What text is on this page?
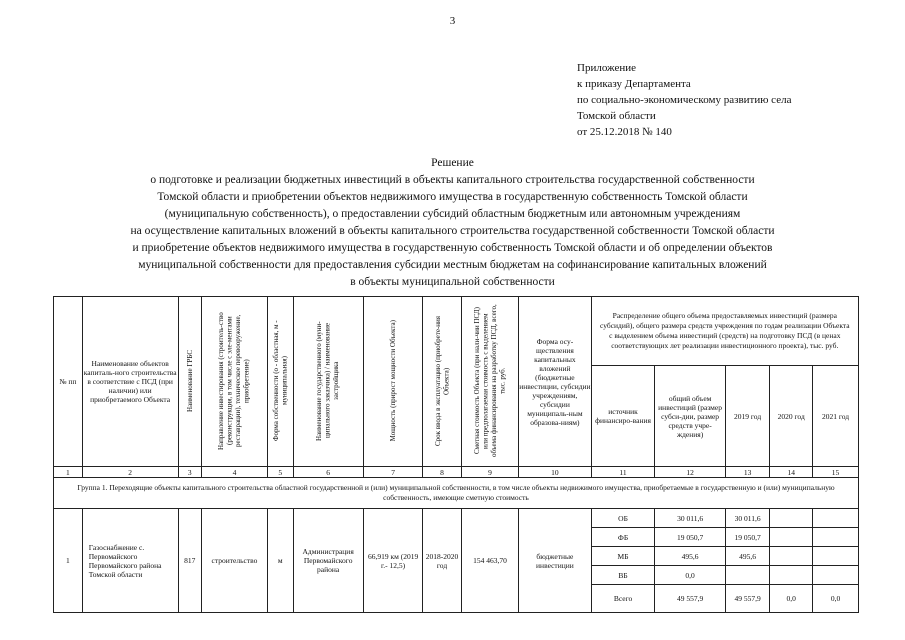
3
Приложение
к приказу Департамента
по социально-экономическому развитию села
Томской области
от 25.12.2018 № 140
Решение
о подготовке и реализации бюджетных инвестиций в объекты капитального строительства государственной собственности
Томской области и приобретении объектов недвижимого имущества в государственную собственность Томской области
(муниципальную собственность), о предоставлении субсидий областным бюджетным или автономным учреждениям
на осуществление капитальных вложений в объекты капитального строительства государственной собственности Томской области
и приобретение объектов недвижимого имущества в государственную собственность Томской области и об определении объектов
муниципальной собственности для предоставления субсидии местным бюджетам на софинансирование капитальных вложений
в объекты муниципальной собственности
№ пп	Наименование объектов капиталь-ного строительства в соответствие с ПСД (при наличии) или приобретаемого Объекта	Наименование ГРБС	Направление инвестирования (строитель-ство (реконструкция, в том числе с эле-ментами реставрации), техническое перевооружение, приобретение)	Форма собственности (о - областная, м - муниципальная)	Наименование государственного (муни-ципального заказчика) / наименование застройщика	Мощность (прирост мощности Объекта)	Срок ввода в эксплуатацию (приобрете-ния Объекта)	Сметная стоимость Объекта (при нали-чии ПСД) или предполагаемая стоимость с выделением объема финансирования на разработку ПСД, всего, тыс. руб.	Форма осу-ществления капитальных вложений (бюджетные инвестиции, субсидии учреждениям, субсидии муниципаль-ным образова-ниям)	Распределение общего объема предоставляемых инвестиций (размера субсидий), общего размера средств учреждения по годам реализации Объекта с выделением объема инвестиций (средств) на подготовку ПСД (в ценах соответствующих лет реализации инвестиционного проекта), тыс. руб.				
										источник финансиро-вания	общий объем инвестиций (размер субси-дии, размер средств учре-ждения)	2019 год	2020 год	2021 год
1	2	3	4	5	6	7	8	9	10	11	12	13	14	15
Группа 1. Переходящие объекты капитального строительства областной государственной и (или) муниципальной собственности, в том числе объекты недвижимого имущества, приобретаемые в государственную и (или) муниципальную собственность, имеющие сметную стоимость														
1	Газоснабжение с. Первомайского Первомайского района Томской области	817	строительство	м	Администрация Первомайского района	66,919 км (2019 г.- 12,5)	2018-2020 год	154 463,70	бюджетные инвестиции	ОБ	30 011,6	30 011,6		
										ФБ	19 050,7	19 050,7		
										МБ	495,6	495,6		
										ВБ	0,0			
										Всего	49 557,9	49 557,9	0,0	0,0
